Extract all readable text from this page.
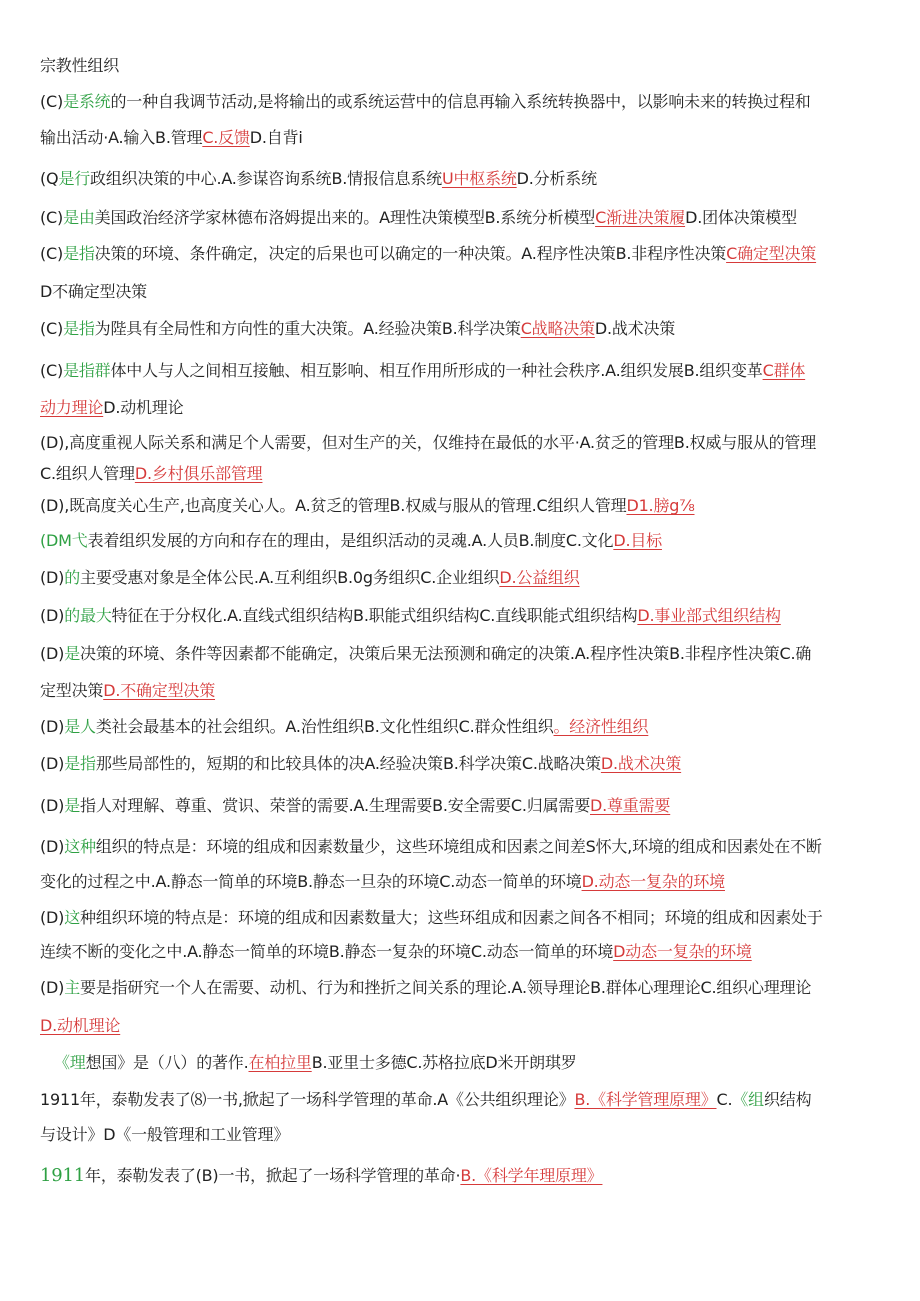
宗教性组织
(C)是系统的一种自我调节活动,是将输出的或系统运营中的信息再输入系统转换器中，以影响未来的转换过程和
输出活动·A.输入B.管理C.反馈D.自背i
(Q是行政组织决策的中心.A.参谋咨询系统B.情报信息系统U中枢系统D.分析系统
(C)是由美国政治经济学家林德布洛姆提出来的。A理性决策模型B.系统分析模型C渐进决策履D.团体决策模型
(C)是指决策的环境、条件确定，决定的后果也可以确定的一种决策。A.程序性决策B.非程序性决策C确定型决策
D不确定型决策
(C)是指为陛具有全局性和方向性的重大决策。A.经验决策B.科学决策C战略决策D.战术决策
(C)是指群体中人与人之间相互接触、相互影响、相互作用所形成的一种社会秩序.A.组织发展B.组织变革C群体
动力理论D.动机理论
(D),高度重视人际关系和满足个人需要，但对生产的关，仅维持在最低的水平·A.贫乏的管理B.权威与服从的管理
C.组织人管理D.乡村俱乐部管理
(D),既高度关心生产,也高度关心人。A.贫乏的管理B.权威与服从的管理.C组织人管理D1.膀g⅞
(DM弋表着组织发展的方向和存在的理由，是组织活动的灵魂.A.人员B.制度C.文化D.目标
(D)的主要受惠对象是全体公民.A.互利组织B.0g务组织C.企业组织D.公益组织
(D)的最大特征在于分权化.A.直线式组织结构B.职能式组织结构C.直线职能式组织结构D.事业部式组织结构
(D)是决策的环境、条件等因素都不能确定，决策后果无法预测和确定的决策.A.程序性决策B.非程序性决策C.确
定型决策D.不确定型决策
(D)是人类社会最基本的社会组织。A.治性组织B.文化性组织C.群众性组织。经济性组织
(D)是指那些局部性的，短期的和比较具体的决A.经验决策B.科学决策C.战略决策D.战术决策
(D)是指人对理解、尊重、赏识、荣誉的需要.A.生理需要B.安全需要C.归属需要D.尊重需要
(D)这种组织的特点是：环境的组成和因素数量少，这些环境组成和因素之间差S怀大,环境的组成和因素处在不断
变化的过程之中.A.静态一简单的环境B.静态一旦杂的环境C.动态一简单的环境D.动态一复杂的环境
(D)这种组织环境的特点是：环境的组成和因素数量大；这些环组成和因素之间各不相同；环境的组成和因素处于
连续不断的变化之中.A.静态一简单的环境B.静态一复杂的环境C.动态一简单的环境D动态一复杂的环境
(D)主要是指研究一个人在需要、动机、行为和挫折之间关系的理论.A.领导理论B.群体心理理论C.组织心理理论
D.动机理论
《理想国》是（八）的著作.在柏拉里B.亚里士多德C.苏格拉底D米开朗琪罗
1911年，泰勒发表了⑻一书,掀起了一场科学管理的革命.A《公共组织理论》B.《科学管理原理》C.《组织结构
与设计》D《一般管理和工业管理》
1911年，泰勒发表了(B)一书，掀起了一场科学管理的革命·B.《科学年理原理》
